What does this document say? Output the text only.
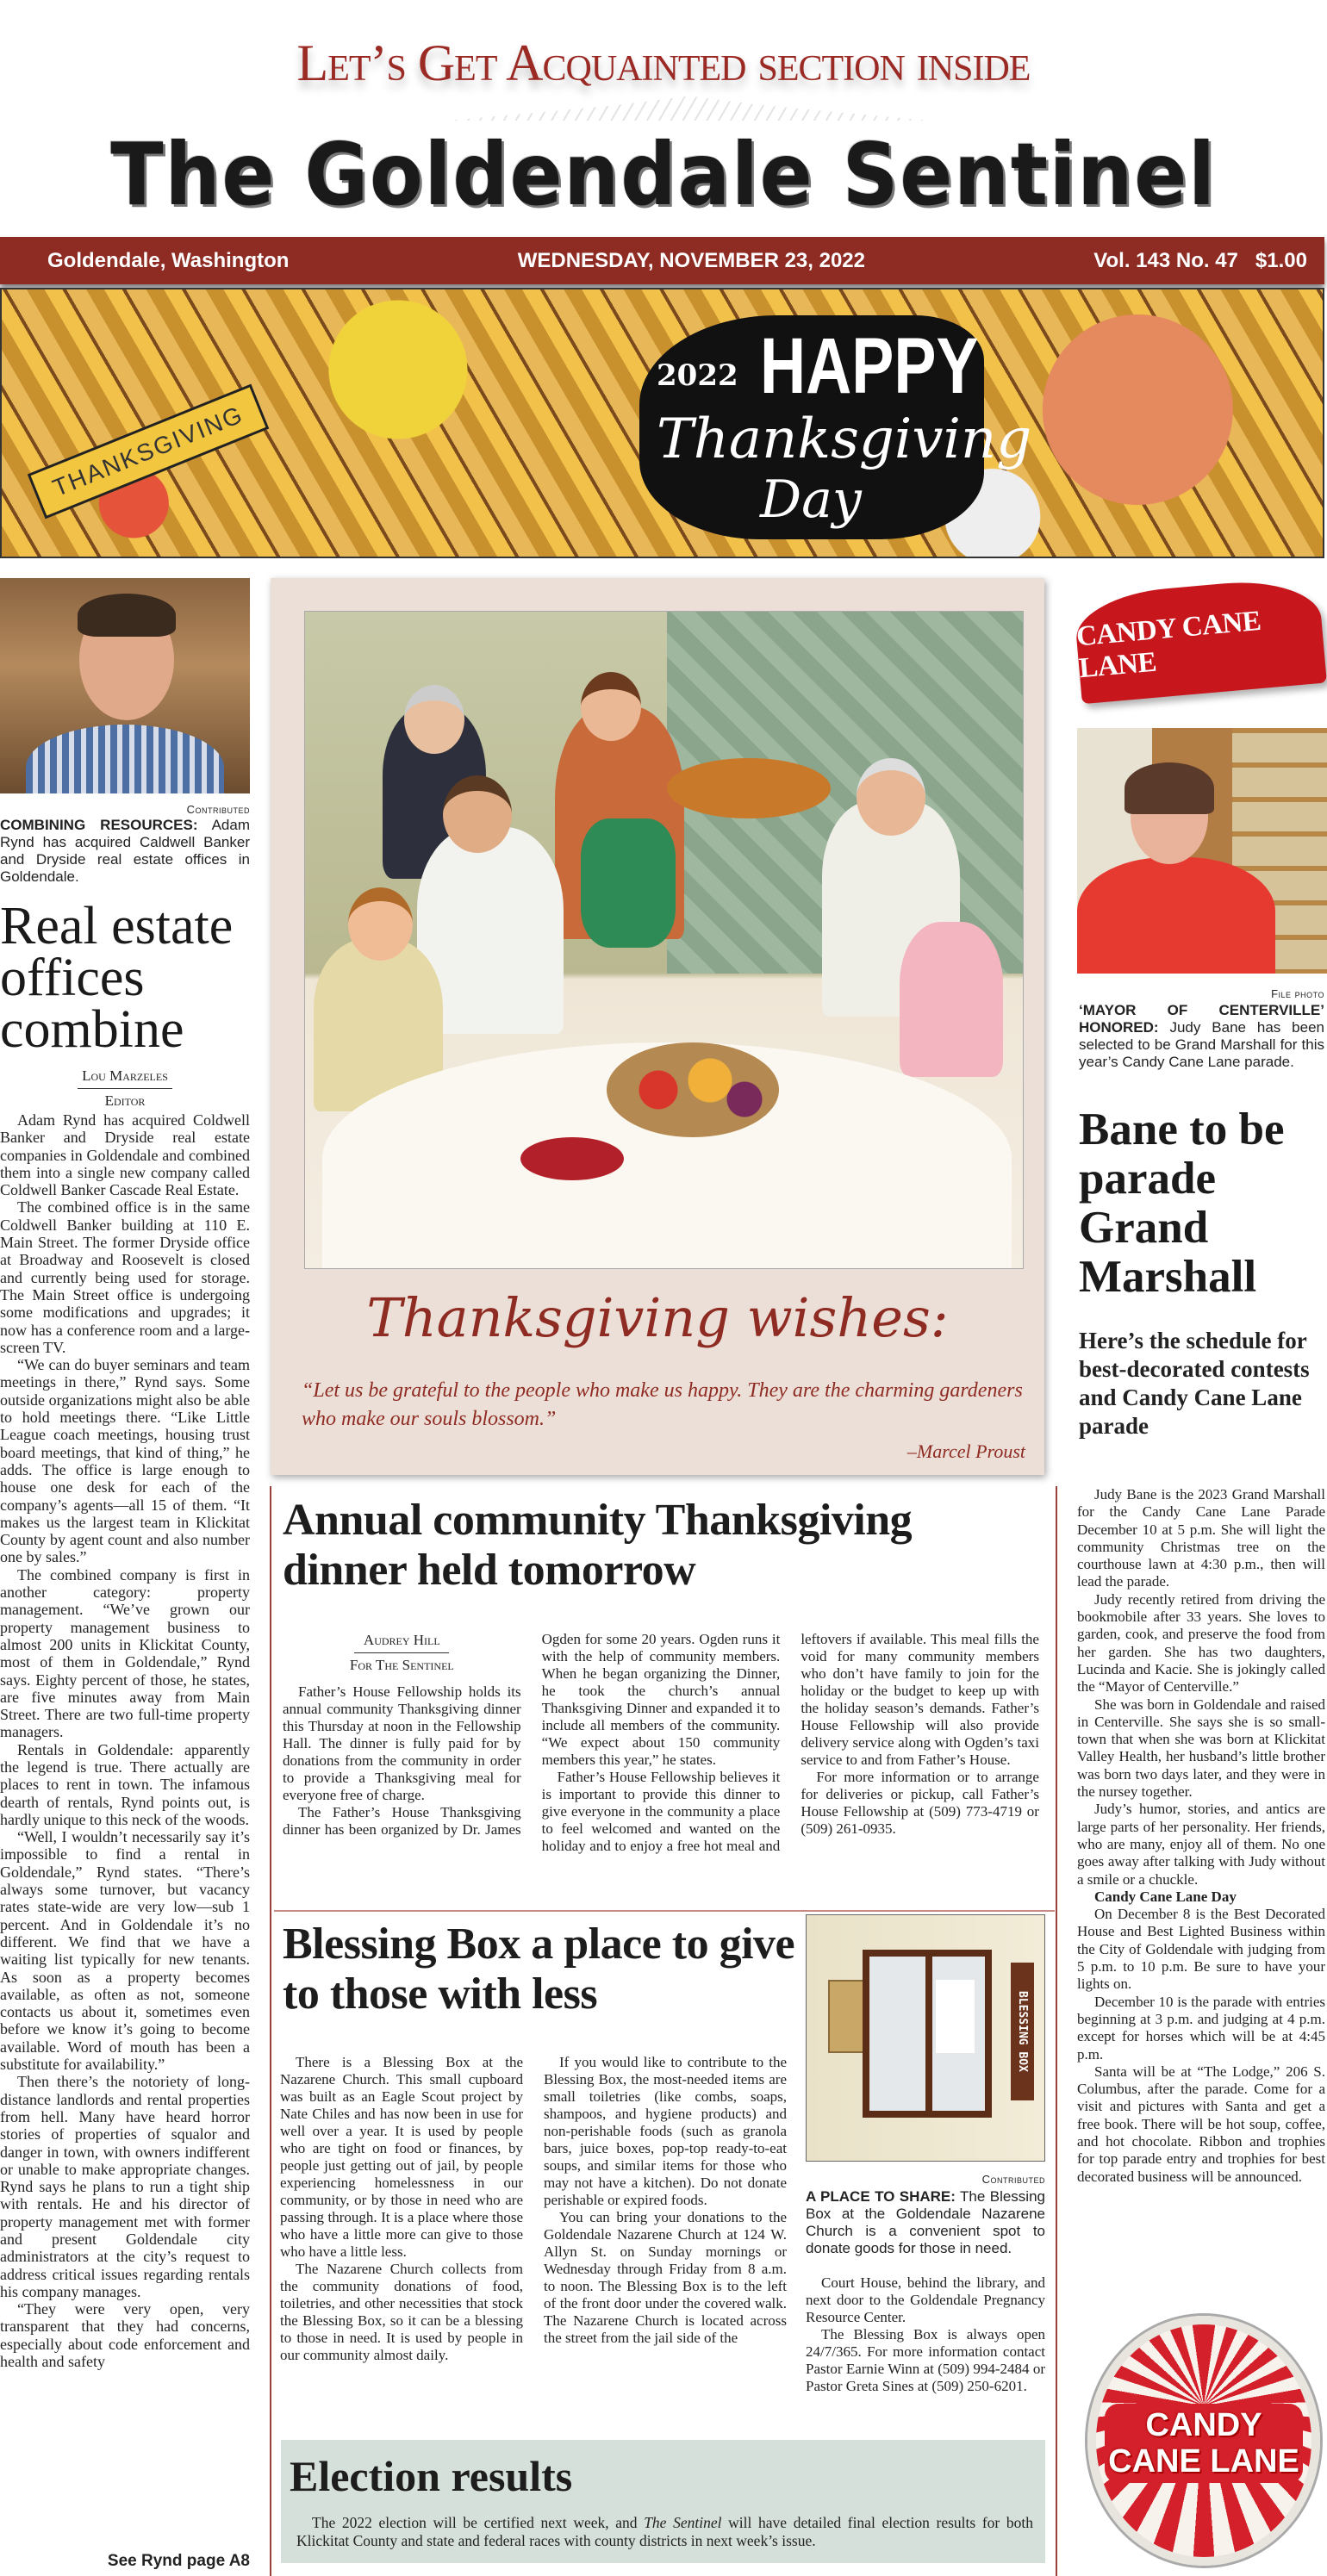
Let’s Get Acquainted section inside
The Goldendale Sentinel
Goldendale, Washington	WEDNESDAY, NOVEMBER 23, 2022	Vol. 143 No. 47 $1.00
THANKSGIVING
2022 HAPPY
Thanksgiving
Day
Contributed
COMBINING RESOURCES: Adam Rynd has acquired Caldwell Banker and Dryside real estate offices in Goldendale.
Real estate offices combine
Lou Marzeles
Editor

Adam Rynd has acquired Coldwell Banker and Dryside real estate companies in Goldendale and combined them into a single new company called Coldwell Banker Cascade Real Estate.

The combined office is in the same Coldwell Banker building at 110 E. Main Street. The former Dryside office at Broadway and Roosevelt is closed and currently being used for storage. The Main Street office is undergoing some modifications and upgrades; it now has a conference room and a large-screen TV.

“We can do buyer seminars and team meetings in there,” Rynd says. Some outside organizations might also be able to hold meetings there. “Like Little League coach meetings, housing trust board meetings, that kind of thing,” he adds. The office is large enough to house one desk for each of the company’s agents—all 15 of them. “It makes us the largest team in Klickitat County by agent count and also number one by sales.”

The combined company is first in another category: property management. “We’ve grown our property management business to almost 200 units in Klickitat County, most of them in Goldendale,” Rynd says. Eighty percent of those, he states, are five minutes away from Main Street. There are two full-time property managers.

Rentals in Goldendale: apparently the legend is true. There actually are places to rent in town. The infamous dearth of rentals, Rynd points out, is hardly unique to this neck of the woods.

“Well, I wouldn’t necessarily say it’s impossible to find a rental in Goldendale,” Rynd states. “There’s always some turnover, but vacancy rates state-wide are very low—sub 1 percent. And in Goldendale it’s no different. We find that we have a waiting list typically for new tenants. As soon as a property becomes available, as often as not, someone contacts us about it, sometimes even before we know it’s going to become available. Word of mouth has been a substitute for availability.”

Then there’s the notoriety of long-distance landlords and rental properties from hell. Many have heard horror stories of properties of squalor and danger in town, with owners indifferent or unable to make appropriate changes. Rynd says he plans to run a tight ship with rentals. He and his director of property management met with former and present Goldendale city administrators at the city’s request to address critical issues regarding rentals his company manages.

“They were very open, very transparent that they had concerns, especially about code enforcement and health and safety

See Rynd page A8
Thanksgiving wishes:
“Let us be grateful to the people who make us happy. They are the charming gardeners who make our souls blossom.”
–Marcel Proust
Annual community Thanksgiving dinner held tomorrow
Audrey Hill
For The Sentinel

Father’s House Fellowship holds its annual community Thanksgiving dinner this Thursday at noon in the Fellowship Hall. The dinner is fully paid for by donations from the community in order to provide a Thanksgiving meal for everyone free of charge.

The Father’s House Thanksgiving dinner has been organized by Dr. James Ogden for some 20 years. Ogden runs it with the help of community members. When he began organizing the Dinner, he took the church’s annual Thanksgiving Dinner and expanded it to include all members of the community. “We expect about 150 community members this year,” he states.

Father’s House Fellowship believes it is important to provide this dinner to give everyone in the community a place to feel welcomed and wanted on the holiday and to enjoy a free hot meal and leftovers if available. This meal fills the void for many community members who don’t have family to join for the holiday or the budget to keep up with the holiday season’s demands. Father’s House Fellowship will also provide delivery service along with Ogden’s taxi service to and from Father’s House.

For more information or to arrange for deliveries or pickup, call Father’s House Fellowship at (509) 773-4719 or (509) 261-0935.

Blessing Box a place to give to those with less

There is a Blessing Box at the Nazarene Church. This small cupboard was built as an Eagle Scout project by Nate Chiles and has now been in use for well over a year. It is used by people who are tight on food or finances, by people just getting out of jail, by people experiencing homelessness in our community, or by those in need who are passing through. It is a place where those who have a little more can give to those who have a little less.

The Nazarene Church collects from the community donations of food, toiletries, and other necessities that stock the Blessing Box, so it can be a blessing to those in need. It is used by people in our community almost daily.

If you would like to contribute to the Blessing Box, the most-needed items are small toiletries (like combs, soaps, shampoos, and hygiene products) and non-perishable foods (such as granola bars, juice boxes, pop-top ready-to-eat soups, and similar items for those who may not have a kitchen). Do not donate perishable or expired foods.

You can bring your donations to the Goldendale Nazarene Church at 124 W. Allyn St. on Sunday mornings or Wednesday through Friday from 8 a.m. to noon. The Blessing Box is to the left of the front door under the covered walk. The Nazarene Church is located across the street from the jail side of the

BLESSING BOX
Contributed
A PLACE TO SHARE: The Blessing Box at the Goldendale Nazarene Church is a convenient spot to donate goods for those in need.

Court House, behind the library, and next door to the Goldendale Pregnancy Resource Center.

The Blessing Box is always open 24/7/365. For more information contact Pastor Earnie Winn at (509) 994-2484 or Pastor Greta Sines at (509) 250-6201.

Election results

The 2022 election will be certified next week, and The Sentinel will have detailed final election results for both Klickitat County and state and federal races with county districts in next week’s issue.

CANDY CANE LANE
File photo
‘MAYOR OF CENTERVILLE’ HONORED: Judy Bane has been selected to be Grand Marshall for this year’s Candy Cane Lane parade.
Bane to be parade Grand Marshall
Here’s the schedule for best-decorated contests and Candy Cane Lane parade

Judy Bane is the 2023 Grand Marshall for the Candy Cane Lane Parade December 10 at 5 p.m. She will light the community Christmas tree on the courthouse lawn at 4:30 p.m., then will lead the parade.

Judy recently retired from driving the bookmobile after 33 years. She loves to garden, cook, and preserve the food from her garden. She has two daughters, Lucinda and Kacie. She is jokingly called the “Mayor of Centerville.”

She was born in Goldendale and raised in Centerville. She says she is so small-town that when she was born at Klickitat Valley Health, her husband’s little brother was born two days later, and they were in the nursey together.

Judy’s humor, stories, and antics are large parts of her personality. Her friends, who are many, enjoy all of them. No one goes away after talking with Judy without a smile or a chuckle.

Candy Cane Lane Day

On December 8 is the Best Decorated House and Best Lighted Business within the City of Goldendale with judging from 5 p.m. to 10 p.m. Be sure to have your lights on.

December 10 is the parade with entries beginning at 3 p.m. and judging at 4 p.m. except for horses which will be at 4:45 p.m.

Santa will be at “The Lodge,” 206 S. Columbus, after the parade. Come for a visit and pictures with Santa and get a free book. There will be hot soup, coffee, and hot chocolate. Ribbon and trophies for top parade entry and trophies for best decorated business will be announced.

CANDY CANE LANE
